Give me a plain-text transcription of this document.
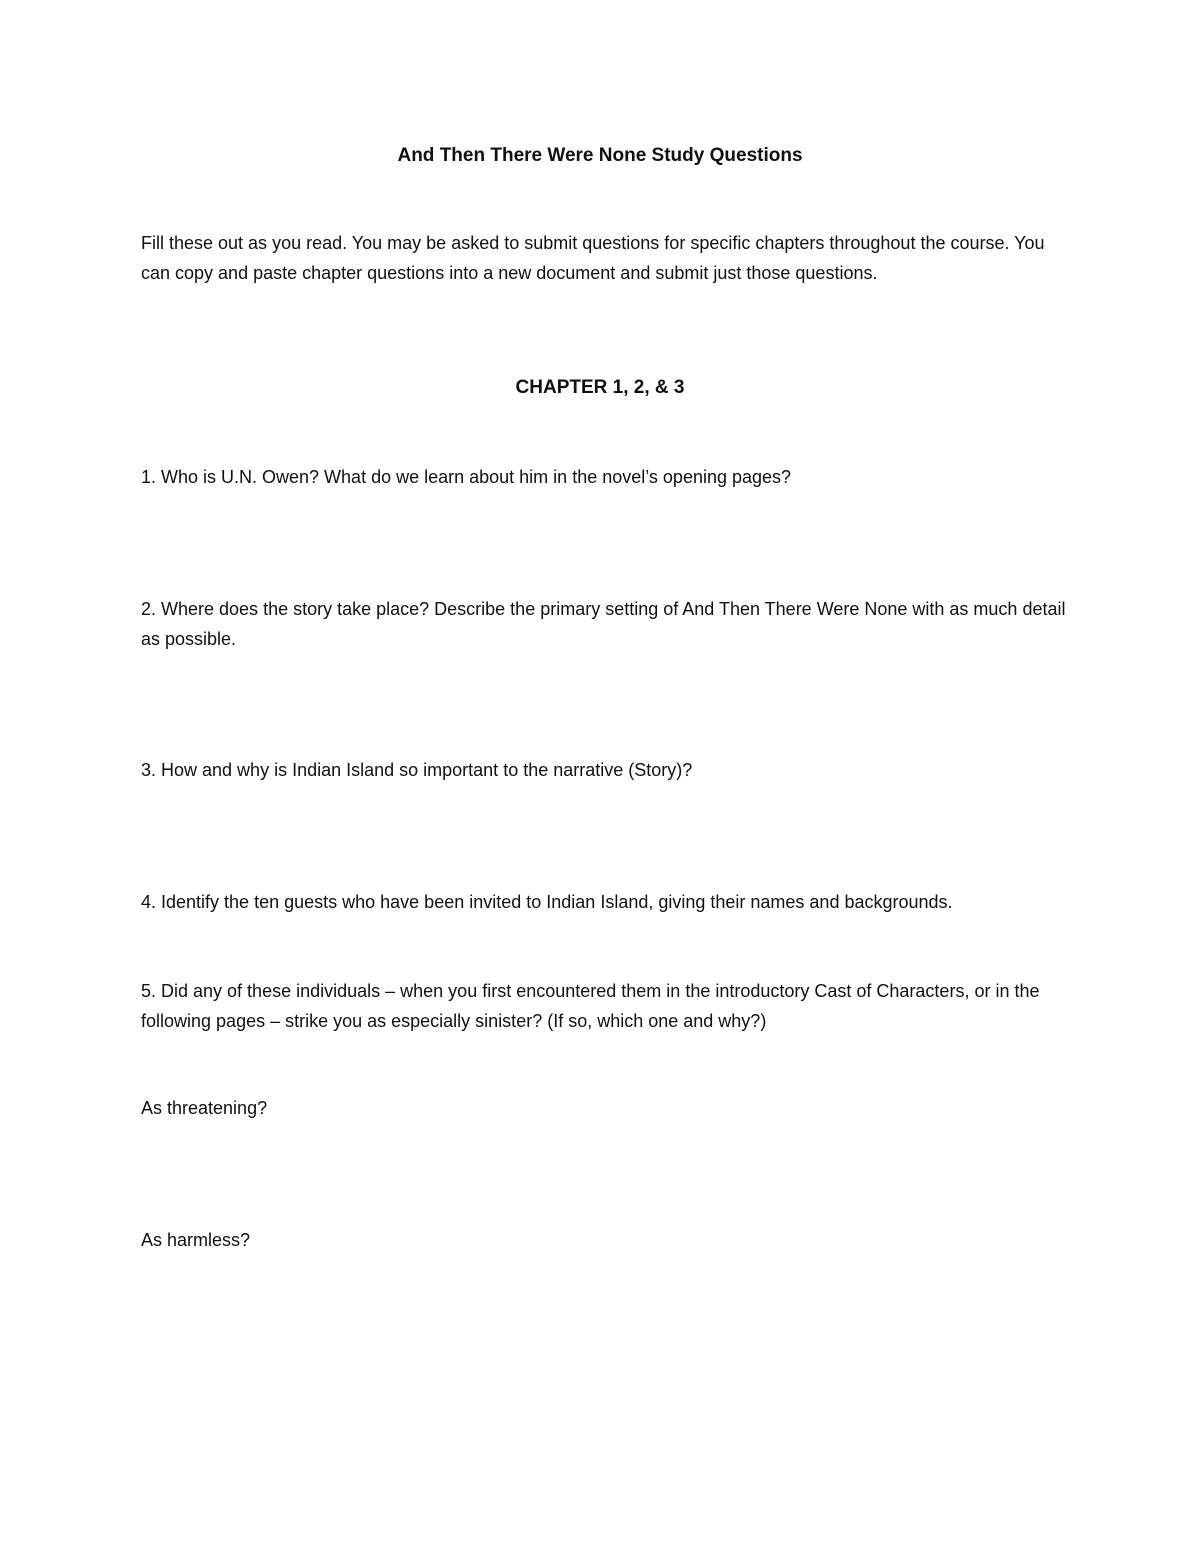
And Then There Were None Study Questions

Fill these out as you read. You may be asked to submit questions for specific chapters throughout the course. You can copy and paste chapter questions into a new document and submit just those questions.

CHAPTER 1, 2, & 3

1. Who is U.N. Owen? What do we learn about him in the novel’s opening pages?

2. Where does the story take place? Describe the primary setting of And Then There Were None with as much detail as possible.

3. How and why is Indian Island so important to the narrative (Story)?

4. Identify the ten guests who have been invited to Indian Island, giving their names and backgrounds.

5. Did any of these individuals – when you first encountered them in the introductory Cast of Characters, or in the following pages – strike you as especially sinister? (If so, which one and why?)

As threatening?

As harmless?
